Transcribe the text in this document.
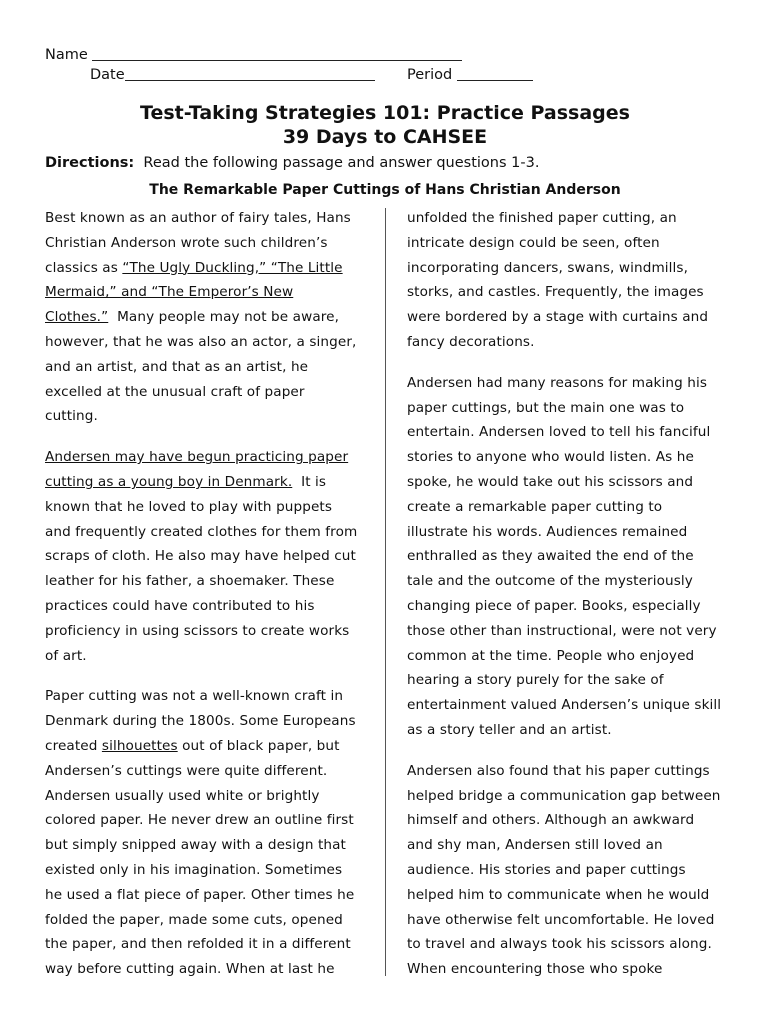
Name
Date	Period
Test-Taking Strategies 101: Practice Passages
39 Days to CAHSEE
Directions: Read the following passage and answer questions 1-3.
The Remarkable Paper Cuttings of Hans Christian Anderson
Best known as an author of fairy tales, Hans
Christian Anderson wrote such children’s
classics as “The Ugly Duckling,” “The Little
Mermaid,” and “The Emperor’s New
Clothes.” Many people may not be aware,
however, that he was also an actor, a singer,
and an artist, and that as an artist, he
excelled at the unusual craft of paper
cutting.
Andersen may have begun practicing paper
cutting as a young boy in Denmark. It is
known that he loved to play with puppets
and frequently created clothes for them from
scraps of cloth. He also may have helped cut
leather for his father, a shoemaker. These
practices could have contributed to his
proficiency in using scissors to create works
of art.
Paper cutting was not a well-known craft in
Denmark during the 1800s. Some Europeans
created silhouettes out of black paper, but
Andersen’s cuttings were quite different.
Andersen usually used white or brightly
colored paper. He never drew an outline first
but simply snipped away with a design that
existed only in his imagination. Sometimes
he used a flat piece of paper. Other times he
folded the paper, made some cuts, opened
the paper, and then refolded it in a different
way before cutting again. When at last he
unfolded the finished paper cutting, an
intricate design could be seen, often
incorporating dancers, swans, windmills,
storks, and castles. Frequently, the images
were bordered by a stage with curtains and
fancy decorations.
Andersen had many reasons for making his
paper cuttings, but the main one was to
entertain. Andersen loved to tell his fanciful
stories to anyone who would listen. As he
spoke, he would take out his scissors and
create a remarkable paper cutting to
illustrate his words. Audiences remained
enthralled as they awaited the end of the
tale and the outcome of the mysteriously
changing piece of paper. Books, especially
those other than instructional, were not very
common at the time. People who enjoyed
hearing a story purely for the sake of
entertainment valued Andersen’s unique skill
as a story teller and an artist.
Andersen also found that his paper cuttings
helped bridge a communication gap between
himself and others. Although an awkward
and shy man, Andersen still loved an
audience. His stories and paper cuttings
helped him to communicate when he would
have otherwise felt uncomfortable. He loved
to travel and always took his scissors along.
When encountering those who spoke
